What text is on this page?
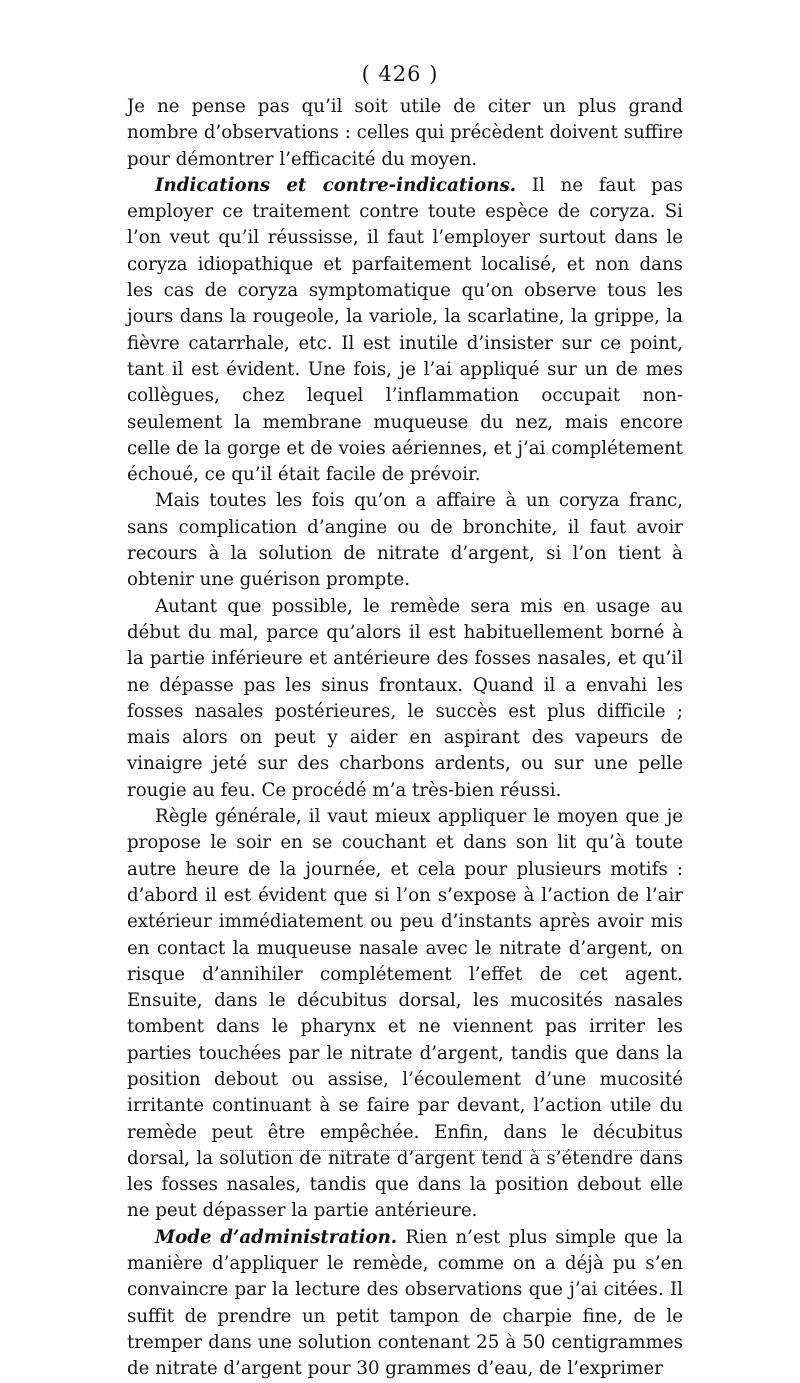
( 426 )

Je ne pense pas qu’il soit utile de citer un plus grand nombre d’observations : celles qui précèdent doivent suffire pour démontrer l’efficacité du moyen.

Indications et contre-indications. Il ne faut pas employer ce traitement contre toute espèce de coryza. Si l’on veut qu’il réussisse, il faut l’employer surtout dans le coryza idiopathique et parfaitement localisé, et non dans les cas de coryza symptomatique qu’on observe tous les jours dans la rougeole, la variole, la scarlatine, la grippe, la fièvre catarrhale, etc. Il est inutile d’insister sur ce point, tant il est évident. Une fois, je l’ai appliqué sur un de mes collègues, chez lequel l’inflammation occupait non-seulement la membrane muqueuse du nez, mais encore celle de la gorge et de voies aériennes, et j’ai complétement échoué, ce qu’il était facile de prévoir.

Mais toutes les fois qu’on a affaire à un coryza franc, sans complication d’angine ou de bronchite, il faut avoir recours à la solution de nitrate d’argent, si l’on tient à obtenir une guérison prompte.

Autant que possible, le remède sera mis en usage au début du mal, parce qu’alors il est habituellement borné à la partie inférieure et antérieure des fosses nasales, et qu’il ne dépasse pas les sinus frontaux. Quand il a envahi les fosses nasales postérieures, le succès est plus difficile ; mais alors on peut y aider en aspirant des vapeurs de vinaigre jeté sur des charbons ardents, ou sur une pelle rougie au feu. Ce procédé m’a très-bien réussi.

Règle générale, il vaut mieux appliquer le moyen que je propose le soir en se couchant et dans son lit qu’à toute autre heure de la journée, et cela pour plusieurs motifs : d’abord il est évident que si l’on s’expose à l’action de l’air extérieur immédiatement ou peu d’instants après avoir mis en contact la muqueuse nasale avec le nitrate d’argent, on risque d’annihiler complétement l’effet de cet agent. Ensuite, dans le décubitus dorsal, les mucosités nasales tombent dans le pharynx et ne viennent pas irriter les parties touchées par le nitrate d’argent, tandis que dans la position debout ou assise, l’écoulement d’une mucosité irritante continuant à se faire par devant, l’action utile du remède peut être empêchée. Enfin, dans le décubitus dorsal, la solution de nitrate d’argent tend à s’étendre dans les fosses nasales, tandis que dans la position debout elle ne peut dépasser la partie antérieure.

Mode d’administration. Rien n’est plus simple que la manière d’appliquer le remède, comme on a déjà pu s’en convaincre par la lecture des observations que j’ai citées. Il suffit de prendre un petit tampon de charpie fine, de le tremper dans une solution contenant 25 à 50 centigrammes de nitrate d’argent pour 30 grammes d’eau, de l’exprimer
